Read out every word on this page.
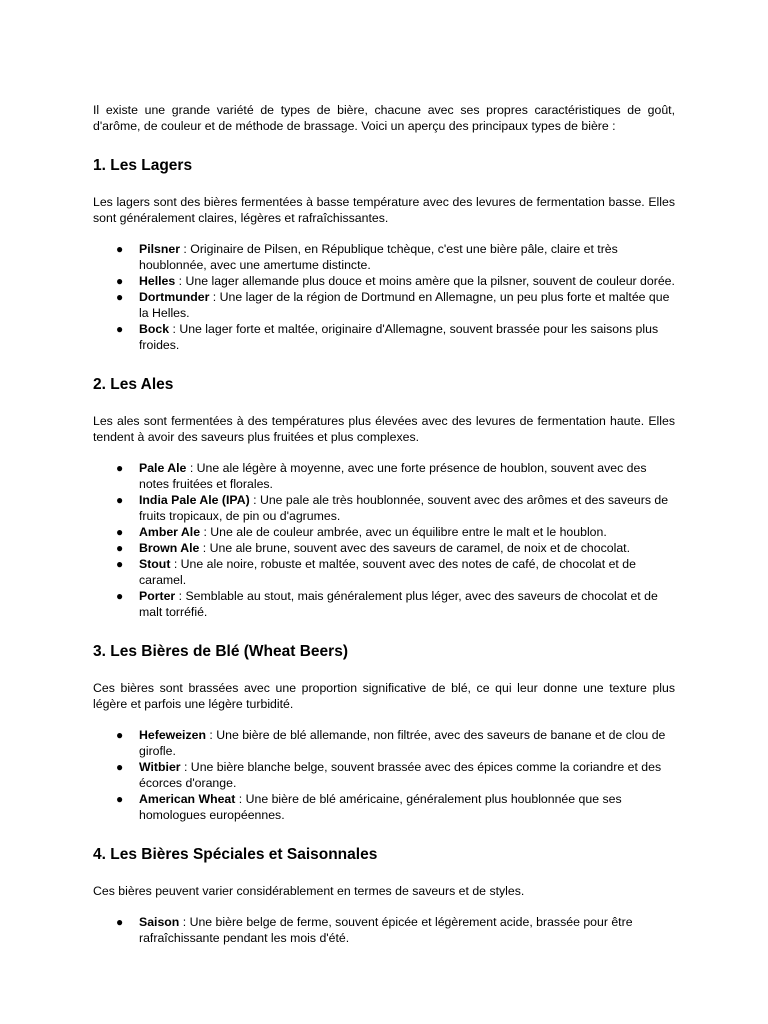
Il existe une grande variété de types de bière, chacune avec ses propres caractéristiques de goût, d'arôme, de couleur et de méthode de brassage. Voici un aperçu des principaux types de bière :

1. Les Lagers

Les lagers sont des bières fermentées à basse température avec des levures de fermentation basse. Elles sont généralement claires, légères et rafraîchissantes.

● Pilsner : Originaire de Pilsen, en République tchèque, c'est une bière pâle, claire et très houblonnée, avec une amertume distincte.
● Helles : Une lager allemande plus douce et moins amère que la pilsner, souvent de couleur dorée.
● Dortmunder : Une lager de la région de Dortmund en Allemagne, un peu plus forte et maltée que la Helles.
● Bock : Une lager forte et maltée, originaire d'Allemagne, souvent brassée pour les saisons plus froides.
2. Les Ales

Les ales sont fermentées à des températures plus élevées avec des levures de fermentation haute. Elles tendent à avoir des saveurs plus fruitées et plus complexes.

● Pale Ale : Une ale légère à moyenne, avec une forte présence de houblon, souvent avec des notes fruitées et florales.
● India Pale Ale (IPA) : Une pale ale très houblonnée, souvent avec des arômes et des saveurs de fruits tropicaux, de pin ou d'agrumes.
● Amber Ale : Une ale de couleur ambrée, avec un équilibre entre le malt et le houblon.
● Brown Ale : Une ale brune, souvent avec des saveurs de caramel, de noix et de chocolat.
● Stout : Une ale noire, robuste et maltée, souvent avec des notes de café, de chocolat et de caramel.
● Porter : Semblable au stout, mais généralement plus léger, avec des saveurs de chocolat et de malt torréfié.
3. Les Bières de Blé (Wheat Beers)

Ces bières sont brassées avec une proportion significative de blé, ce qui leur donne une texture plus légère et parfois une légère turbidité.

● Hefeweizen : Une bière de blé allemande, non filtrée, avec des saveurs de banane et de clou de girofle.
● Witbier : Une bière blanche belge, souvent brassée avec des épices comme la coriandre et des écorces d'orange.
● American Wheat : Une bière de blé américaine, généralement plus houblonnée que ses homologues européennes.
4. Les Bières Spéciales et Saisonnales

Ces bières peuvent varier considérablement en termes de saveurs et de styles.

● Saison : Une bière belge de ferme, souvent épicée et légèrement acide, brassée pour être rafraîchissante pendant les mois d'été.
